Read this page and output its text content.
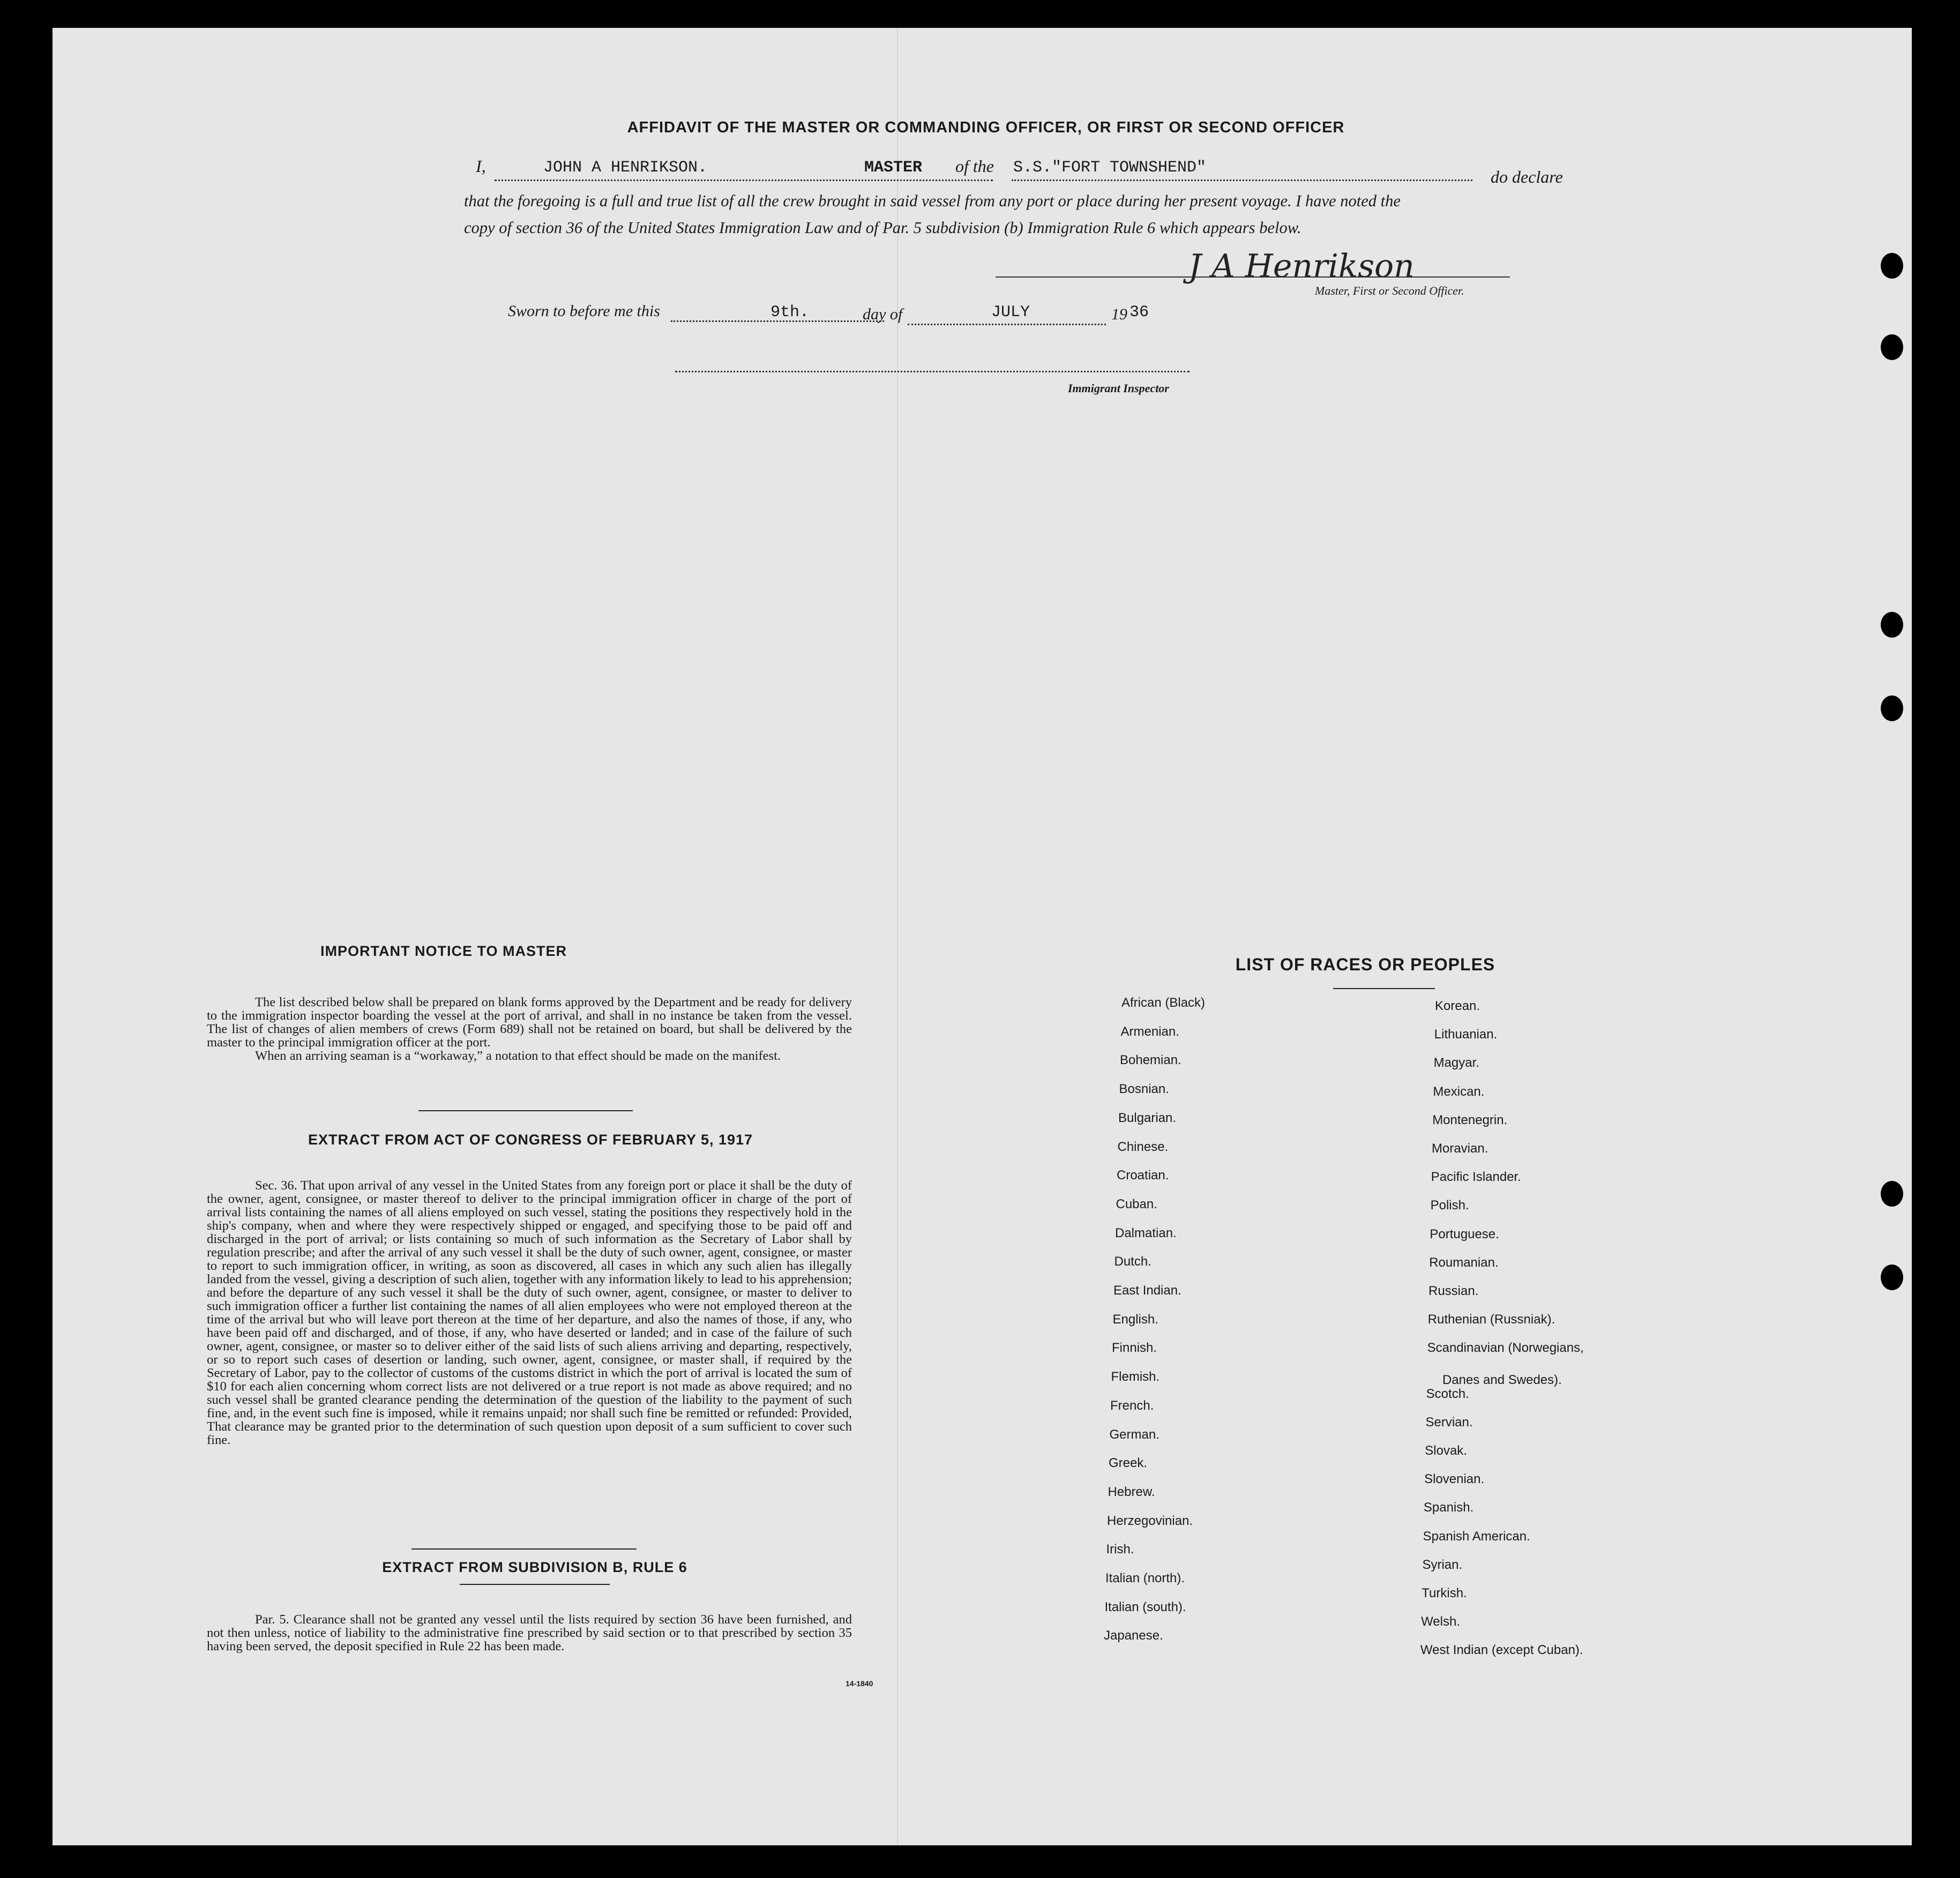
AFFIDAVIT OF THE MASTER OR COMMANDING OFFICER, OR FIRST OR SECOND OFFICER
I,	JOHN A HENRIKSON.	MASTER of the S.S."FORT TOWNSHEND"	do declare
that the foregoing is a full and true list of all the crew brought in said vessel from any port or place during her present voyage. I have noted the
copy of section 36 of the United States Immigration Law and of Par. 5 subdivision (b) Immigration Rule 6 which appears below.
J A Henrikson
Master, First or Second Officer.
Sworn to before me this	9th.	day of	JULY	19 36
Immigrant Inspector
IMPORTANT NOTICE TO MASTER

The list described below shall be prepared on blank forms approved by the Department and be ready for delivery to the immigration inspector boarding the vessel at the port of arrival, and shall in no instance be taken from the vessel. The list of changes of alien members of crews (Form 689) shall not be retained on board, but shall be delivered by the master to the principal immigration officer at the port.

When an arriving seaman is a “workaway,” a notation to that effect should be made on the manifest.

EXTRACT FROM ACT OF CONGRESS OF FEBRUARY 5, 1917

Sec. 36. That upon arrival of any vessel in the United States from any foreign port or place it shall be the duty of the owner, agent, consignee, or master thereof to deliver to the principal immigration officer in charge of the port of arrival lists containing the names of all aliens employed on such vessel, stating the positions they respectively hold in the ship's company, when and where they were respectively shipped or engaged, and specifying those to be paid off and discharged in the port of arrival; or lists containing so much of such information as the Secretary of Labor shall by regulation prescribe; and after the arrival of any such vessel it shall be the duty of such owner, agent, consignee, or master to report to such immigration officer, in writing, as soon as discovered, all cases in which any such alien has illegally landed from the vessel, giving a description of such alien, together with any information likely to lead to his apprehension; and before the departure of any such vessel it shall be the duty of such owner, agent, consignee, or master to deliver to such immigration officer a further list containing the names of all alien employees who were not employed thereon at the time of the arrival but who will leave port thereon at the time of her departure, and also the names of those, if any, who have been paid off and discharged, and of those, if any, who have deserted or landed; and in case of the failure of such owner, agent, consignee, or master so to deliver either of the said lists of such aliens arriving and departing, respectively, or so to report such cases of desertion or landing, such owner, agent, consignee, or master shall, if required by the Secretary of Labor, pay to the collector of customs of the customs district in which the port of arrival is located the sum of $10 for each alien concerning whom correct lists are not delivered or a true report is not made as above required; and no such vessel shall be granted clearance pending the determination of the question of the liability to the payment of such fine, and, in the event such fine is imposed, while it remains unpaid; nor shall such fine be remitted or refunded: Provided, That clearance may be granted prior to the determination of such question upon deposit of a sum sufficient to cover such fine.

EXTRACT FROM SUBDIVISION B, RULE 6

Par. 5. Clearance shall not be granted any vessel until the lists required by section 36 have been furnished, and not then unless, notice of liability to the administrative fine prescribed by said section or to that prescribed by section 35 having been served, the deposit specified in Rule 22 has been made.

14-1840
LIST OF RACES OR PEOPLES
African (Black)
Armenian.
Bohemian.
Bosnian.
Bulgarian.
Chinese.
Croatian.
Cuban.
Dalmatian.
Dutch.
East Indian.
English.
Finnish.
Flemish.
French.
German.
Greek.
Hebrew.
Herzegovinian.
Irish.
Italian (north).
Italian (south).
Japanese.
Korean.
Lithuanian.
Magyar.
Mexican.
Montenegrin.
Moravian.
Pacific Islander.
Polish.
Portuguese.
Roumanian.
Russian.
Ruthenian (Russniak).
Scandinavian (Norwegians,
Danes and Swedes).
Scotch.
Servian.
Slovak.
Slovenian.
Spanish.
Spanish American.
Syrian.
Turkish.
Welsh.
West Indian (except Cuban).
